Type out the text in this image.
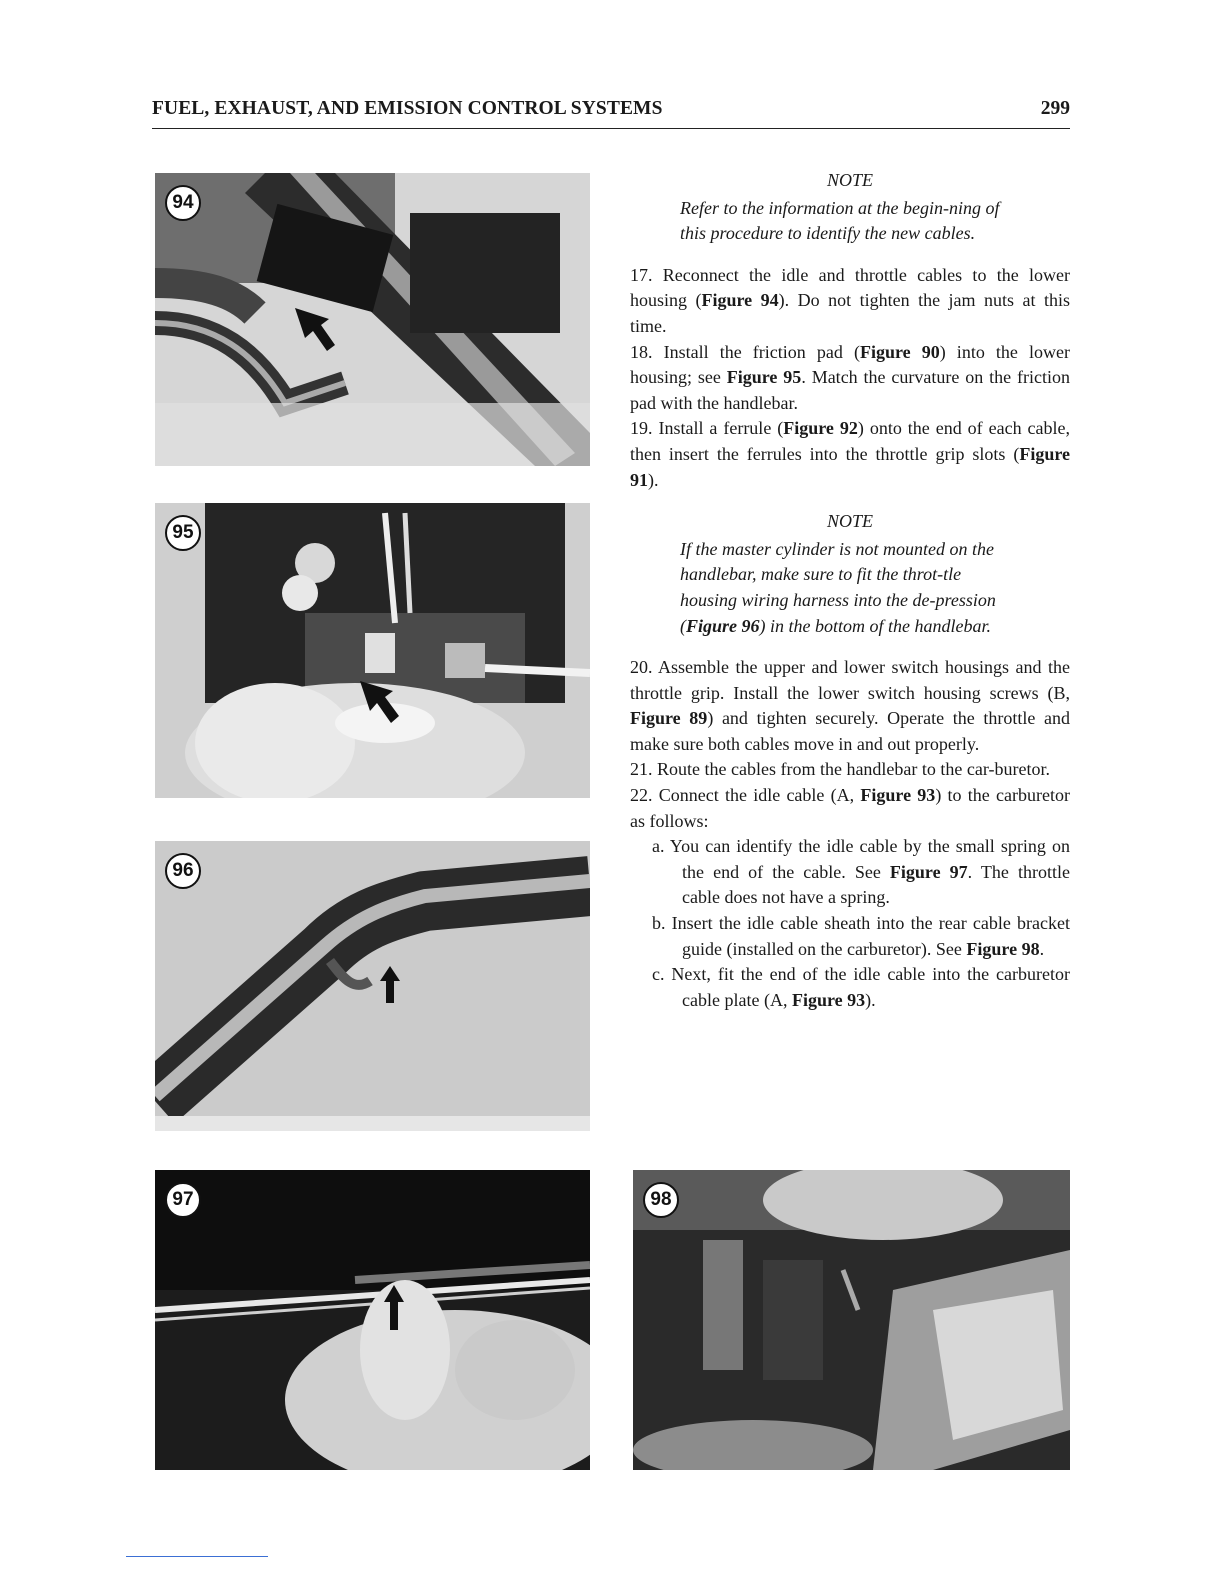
FUEL, EXHAUST, AND EMISSION CONTROL SYSTEMS	299
94
95
96
97	98
NOTE
Refer to the information at the begin-ning of this procedure to identify the new cables.
17. Reconnect the idle and throttle cables to the lower housing (Figure 94). Do not tighten the jam nuts at this time.
18. Install the friction pad (Figure 90) into the lower housing; see Figure 95. Match the curvature on the friction pad with the handlebar.
19. Install a ferrule (Figure 92) onto the end of each cable, then insert the ferrules into the throttle grip slots (Figure 91).
NOTE
If the master cylinder is not mounted on the handlebar, make sure to fit the throt-tle housing wiring harness into the de-pression (Figure 96) in the bottom of the handlebar.
20. Assemble the upper and lower switch housings and the throttle grip. Install the lower switch housing screws (B, Figure 89) and tighten securely. Operate the throttle and make sure both cables move in and out properly.
21. Route the cables from the handlebar to the car-buretor.
22. Connect the idle cable (A, Figure 93) to the carburetor as follows:
a. You can identify the idle cable by the small spring on the end of the cable. See Figure 97. The throttle cable does not have a spring.
b. Insert the idle cable sheath into the rear cable bracket guide (installed on the carburetor). See Figure 98.
c. Next, fit the end of the idle cable into the carburetor cable plate (A, Figure 93).
